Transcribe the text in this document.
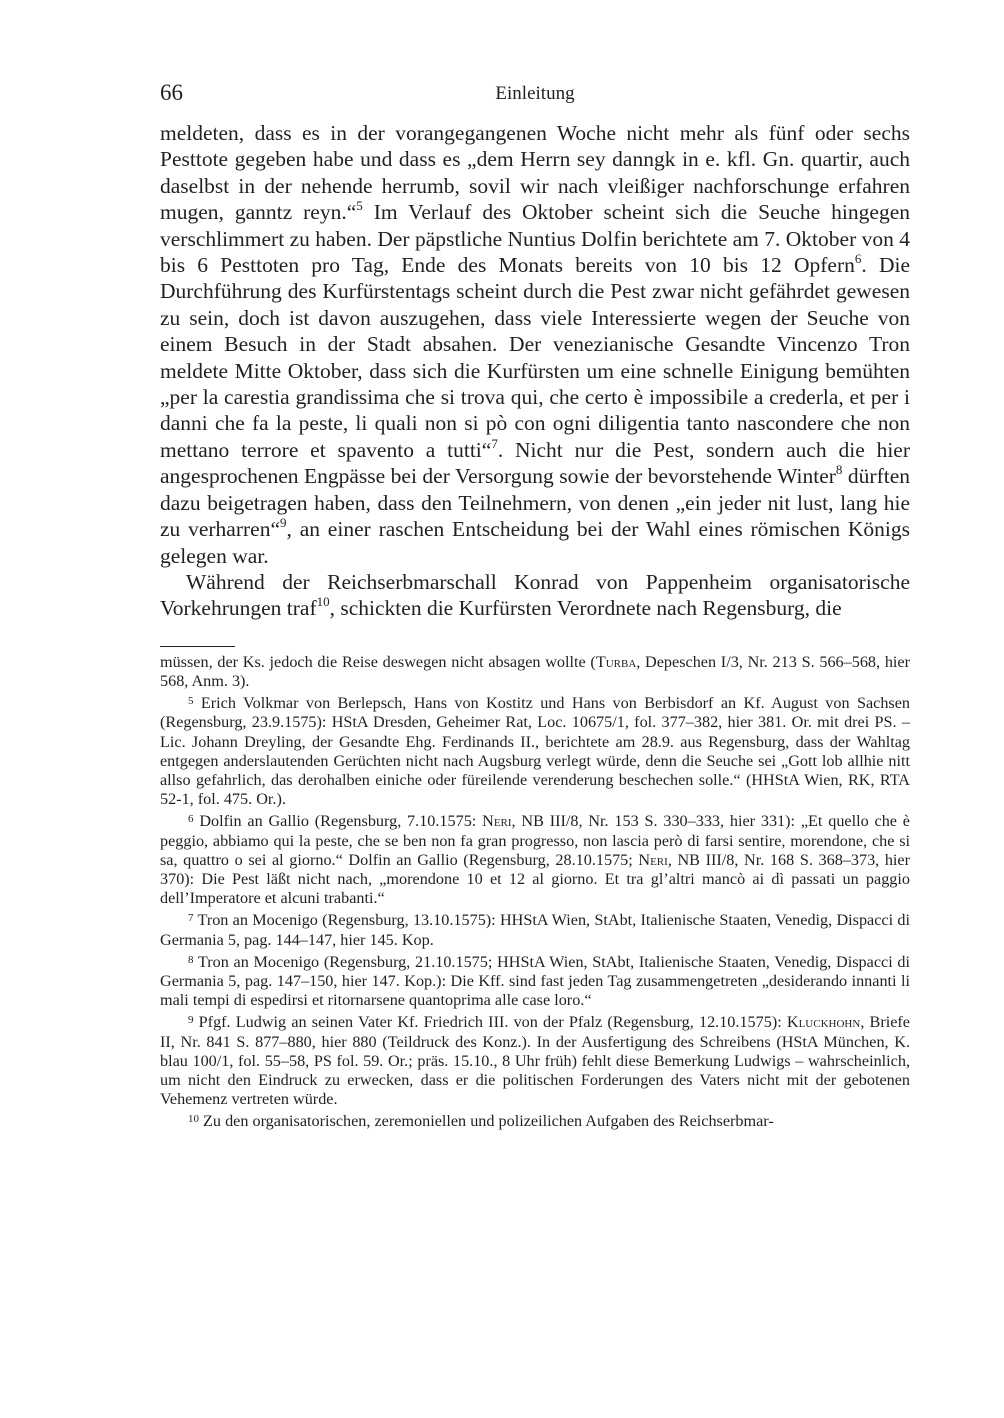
66	Einleitung

meldeten, dass es in der vorangegangenen Woche nicht mehr als fünf oder sechs Pesttote gegeben habe und dass es „dem Herrn sey danngk in e. kfl. Gn. quartir, auch daselbst in der nehende herrumb, sovil wir nach vleißiger nachforschunge erfahren mugen, ganntz reyn.“$^5$ Im Verlauf des Oktober scheint sich die Seuche hingegen verschlimmert zu haben. Der päpstliche Nuntius Dolfin berichtete am 7. Oktober von 4 bis 6 Pesttoten pro Tag, Ende des Monats bereits von 10 bis 12 Opfern$^6$. Die Durchführung des Kurfürstentags scheint durch die Pest zwar nicht gefährdet gewesen zu sein, doch ist davon auszugehen, dass viele Interessierte wegen der Seuche von einem Besuch in der Stadt absahen. Der venezianische Gesandte Vincenzo Tron meldete Mitte Oktober, dass sich die Kurfürsten um eine schnelle Einigung bemühten „per la carestia grandissima che si trova qui, che certo è impossibile a crederla, et per i danni che fa la peste, li quali non si pò con ogni diligentia tanto nascondere che non mettano terrore et spavento a tutti“$^7$. Nicht nur die Pest, sondern auch die hier angesprochenen Engpässe bei der Versorgung sowie der bevorstehende Winter$^8$ dürften dazu beigetragen haben, dass den Teilnehmern, von denen „ein jeder nit lust, lang hie zu verharren“$^9$, an einer raschen Entscheidung bei der Wahl eines römischen Königs gelegen war.

Während der Reichserbmarschall Konrad von Pappenheim organisatorische Vorkehrungen traf$^{10}$, schickten die Kurfürsten Verordnete nach Regensburg, die

müssen, der Ks. jedoch die Reise deswegen nicht absagen wollte (Turba, Depeschen I/3, Nr. 213 S. 566–568, hier 568, Anm. 3).

$^5$ Erich Volkmar von Berlepsch, Hans von Kostitz und Hans von Berbisdorf an Kf. August von Sachsen (Regensburg, 23.9.1575): HStA Dresden, Geheimer Rat, Loc. 10675/1, fol. 377–382, hier 381. Or. mit drei PS. – Lic. Johann Dreyling, der Gesandte Ehg. Ferdinands II., berichtete am 28.9. aus Regensburg, dass der Wahltag entgegen anderslautenden Gerüchten nicht nach Augsburg verlegt würde, denn die Seuche sei „Gott lob allhie nitt allso gefahrlich, das derohalben einiche oder füreilende verenderung beschechen solle.“ (HHStA Wien, RK, RTA 52-1, fol. 475. Or.).

$^6$ Dolfin an Gallio (Regensburg, 7.10.1575: Neri, NB III/8, Nr. 153 S. 330–333, hier 331): „Et quello che è peggio, abbiamo qui la peste, che se ben non fa gran progresso, non lascia però di farsi sentire, morendone, che si sa, quattro o sei al giorno.“ Dolfin an Gallio (Regensburg, 28.10.1575; Neri, NB III/8, Nr. 168 S. 368–373, hier 370): Die Pest läßt nicht nach, „morendone 10 et 12 al giorno. Et tra gl’altri mancò ai dì passati un paggio dell’Imperatore et alcuni trabanti.“

$^7$ Tron an Mocenigo (Regensburg, 13.10.1575): HHStA Wien, StAbt, Italienische Staaten, Venedig, Dispacci di Germania 5, pag. 144–147, hier 145. Kop.

$^8$ Tron an Mocenigo (Regensburg, 21.10.1575; HHStA Wien, StAbt, Italienische Staaten, Venedig, Dispacci di Germania 5, pag. 147–150, hier 147. Kop.): Die Kff. sind fast jeden Tag zusammengetreten „desiderando innanti li mali tempi di espedirsi et ritornarsene quantoprima alle case loro.“

$^9$ Pfgf. Ludwig an seinen Vater Kf. Friedrich III. von der Pfalz (Regensburg, 12.10.1575): Kluckhohn, Briefe II, Nr. 841 S. 877–880, hier 880 (Teildruck des Konz.). In der Ausfertigung des Schreibens (HStA München, K. blau 100/1, fol. 55–58, PS fol. 59. Or.; präs. 15.10., 8 Uhr früh) fehlt diese Bemerkung Ludwigs – wahrscheinlich, um nicht den Eindruck zu erwecken, dass er die politischen Forderungen des Vaters nicht mit der gebotenen Vehemenz vertreten würde.

$^{10}$ Zu den organisatorischen, zeremoniellen und polizeilichen Aufgaben des Reichserbmar-
